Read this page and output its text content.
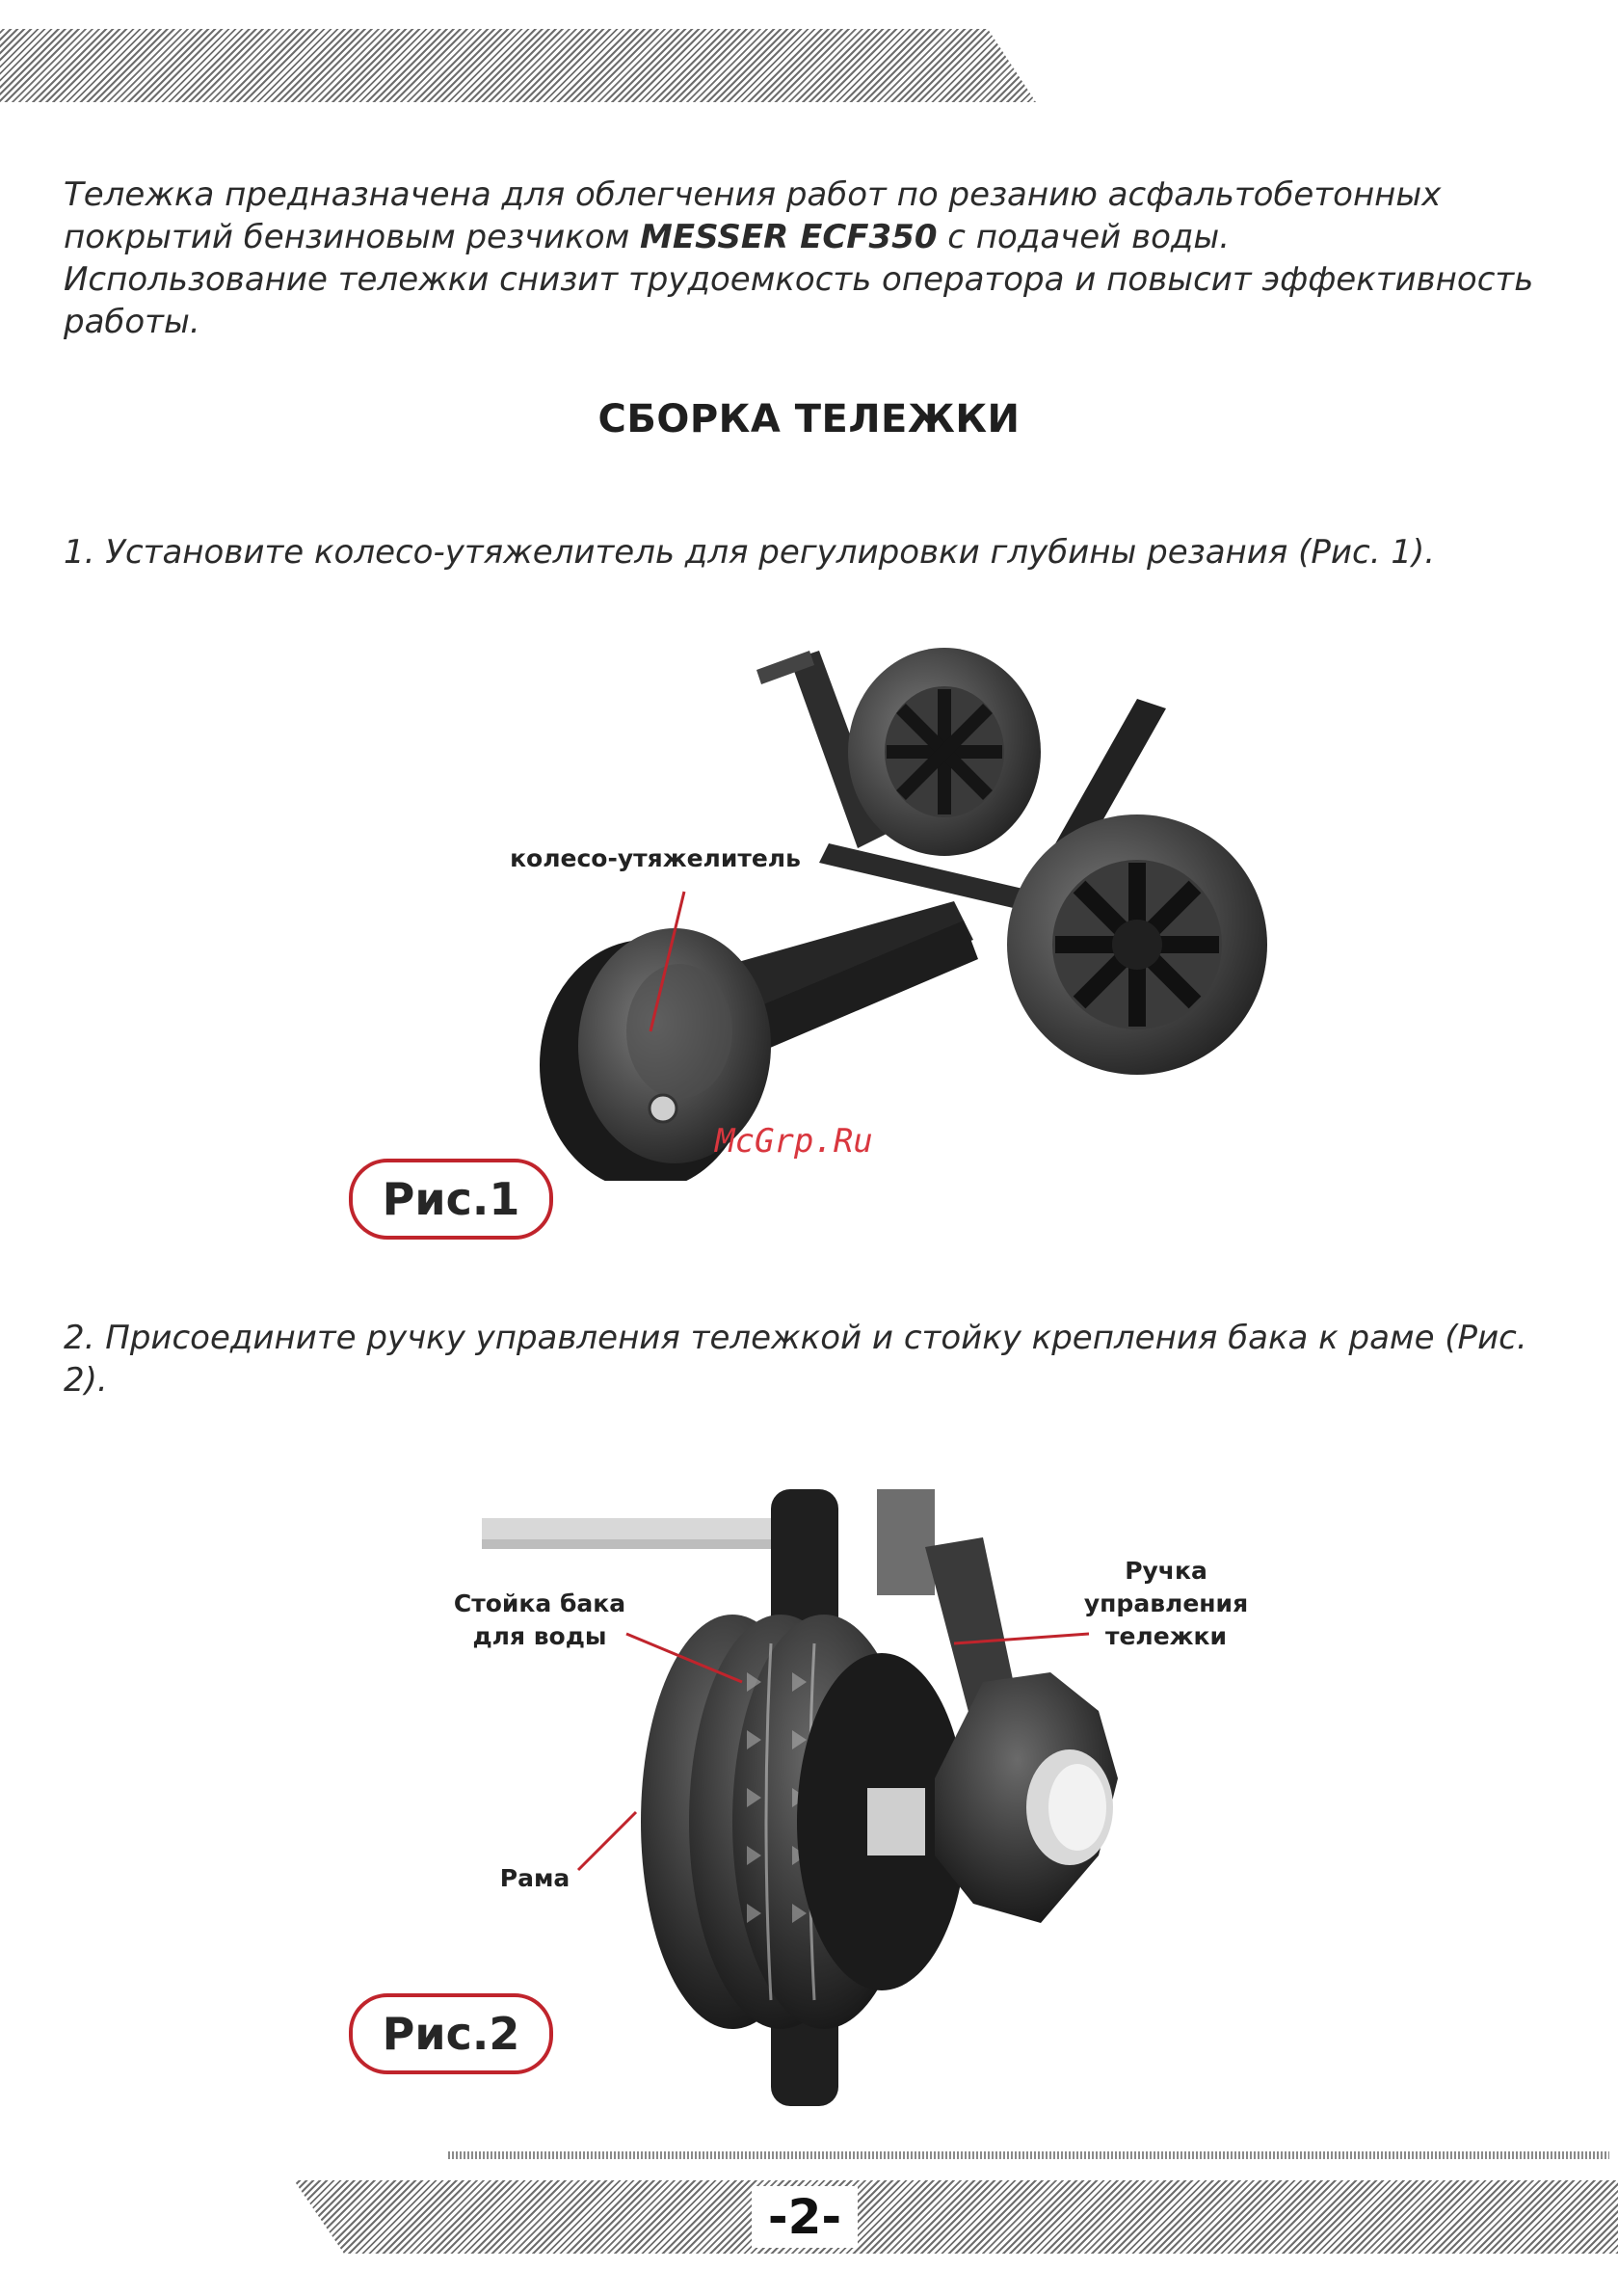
Тележка предназначена для облегчения работ по резанию асфальтобетонных
покрытий бензиновым резчиком MESSER ECF350 с подачей воды.
Использование тележки снизит трудоемкость оператора и повысит эффективность работы.

СБОРКА ТЕЛЕЖКИ

1. Установите колесо-утяжелитель для регулировки глубины резания (Рис. 1).

колесо-утяжелитель
Рис.1
McGrp.Ru

2. Присоедините ручку управления тележкой и стойку крепления бака к раме (Рис. 2).

Стойка бака
для воды
Ручка
управления
тележки
Рама
Рис.2
-2-
